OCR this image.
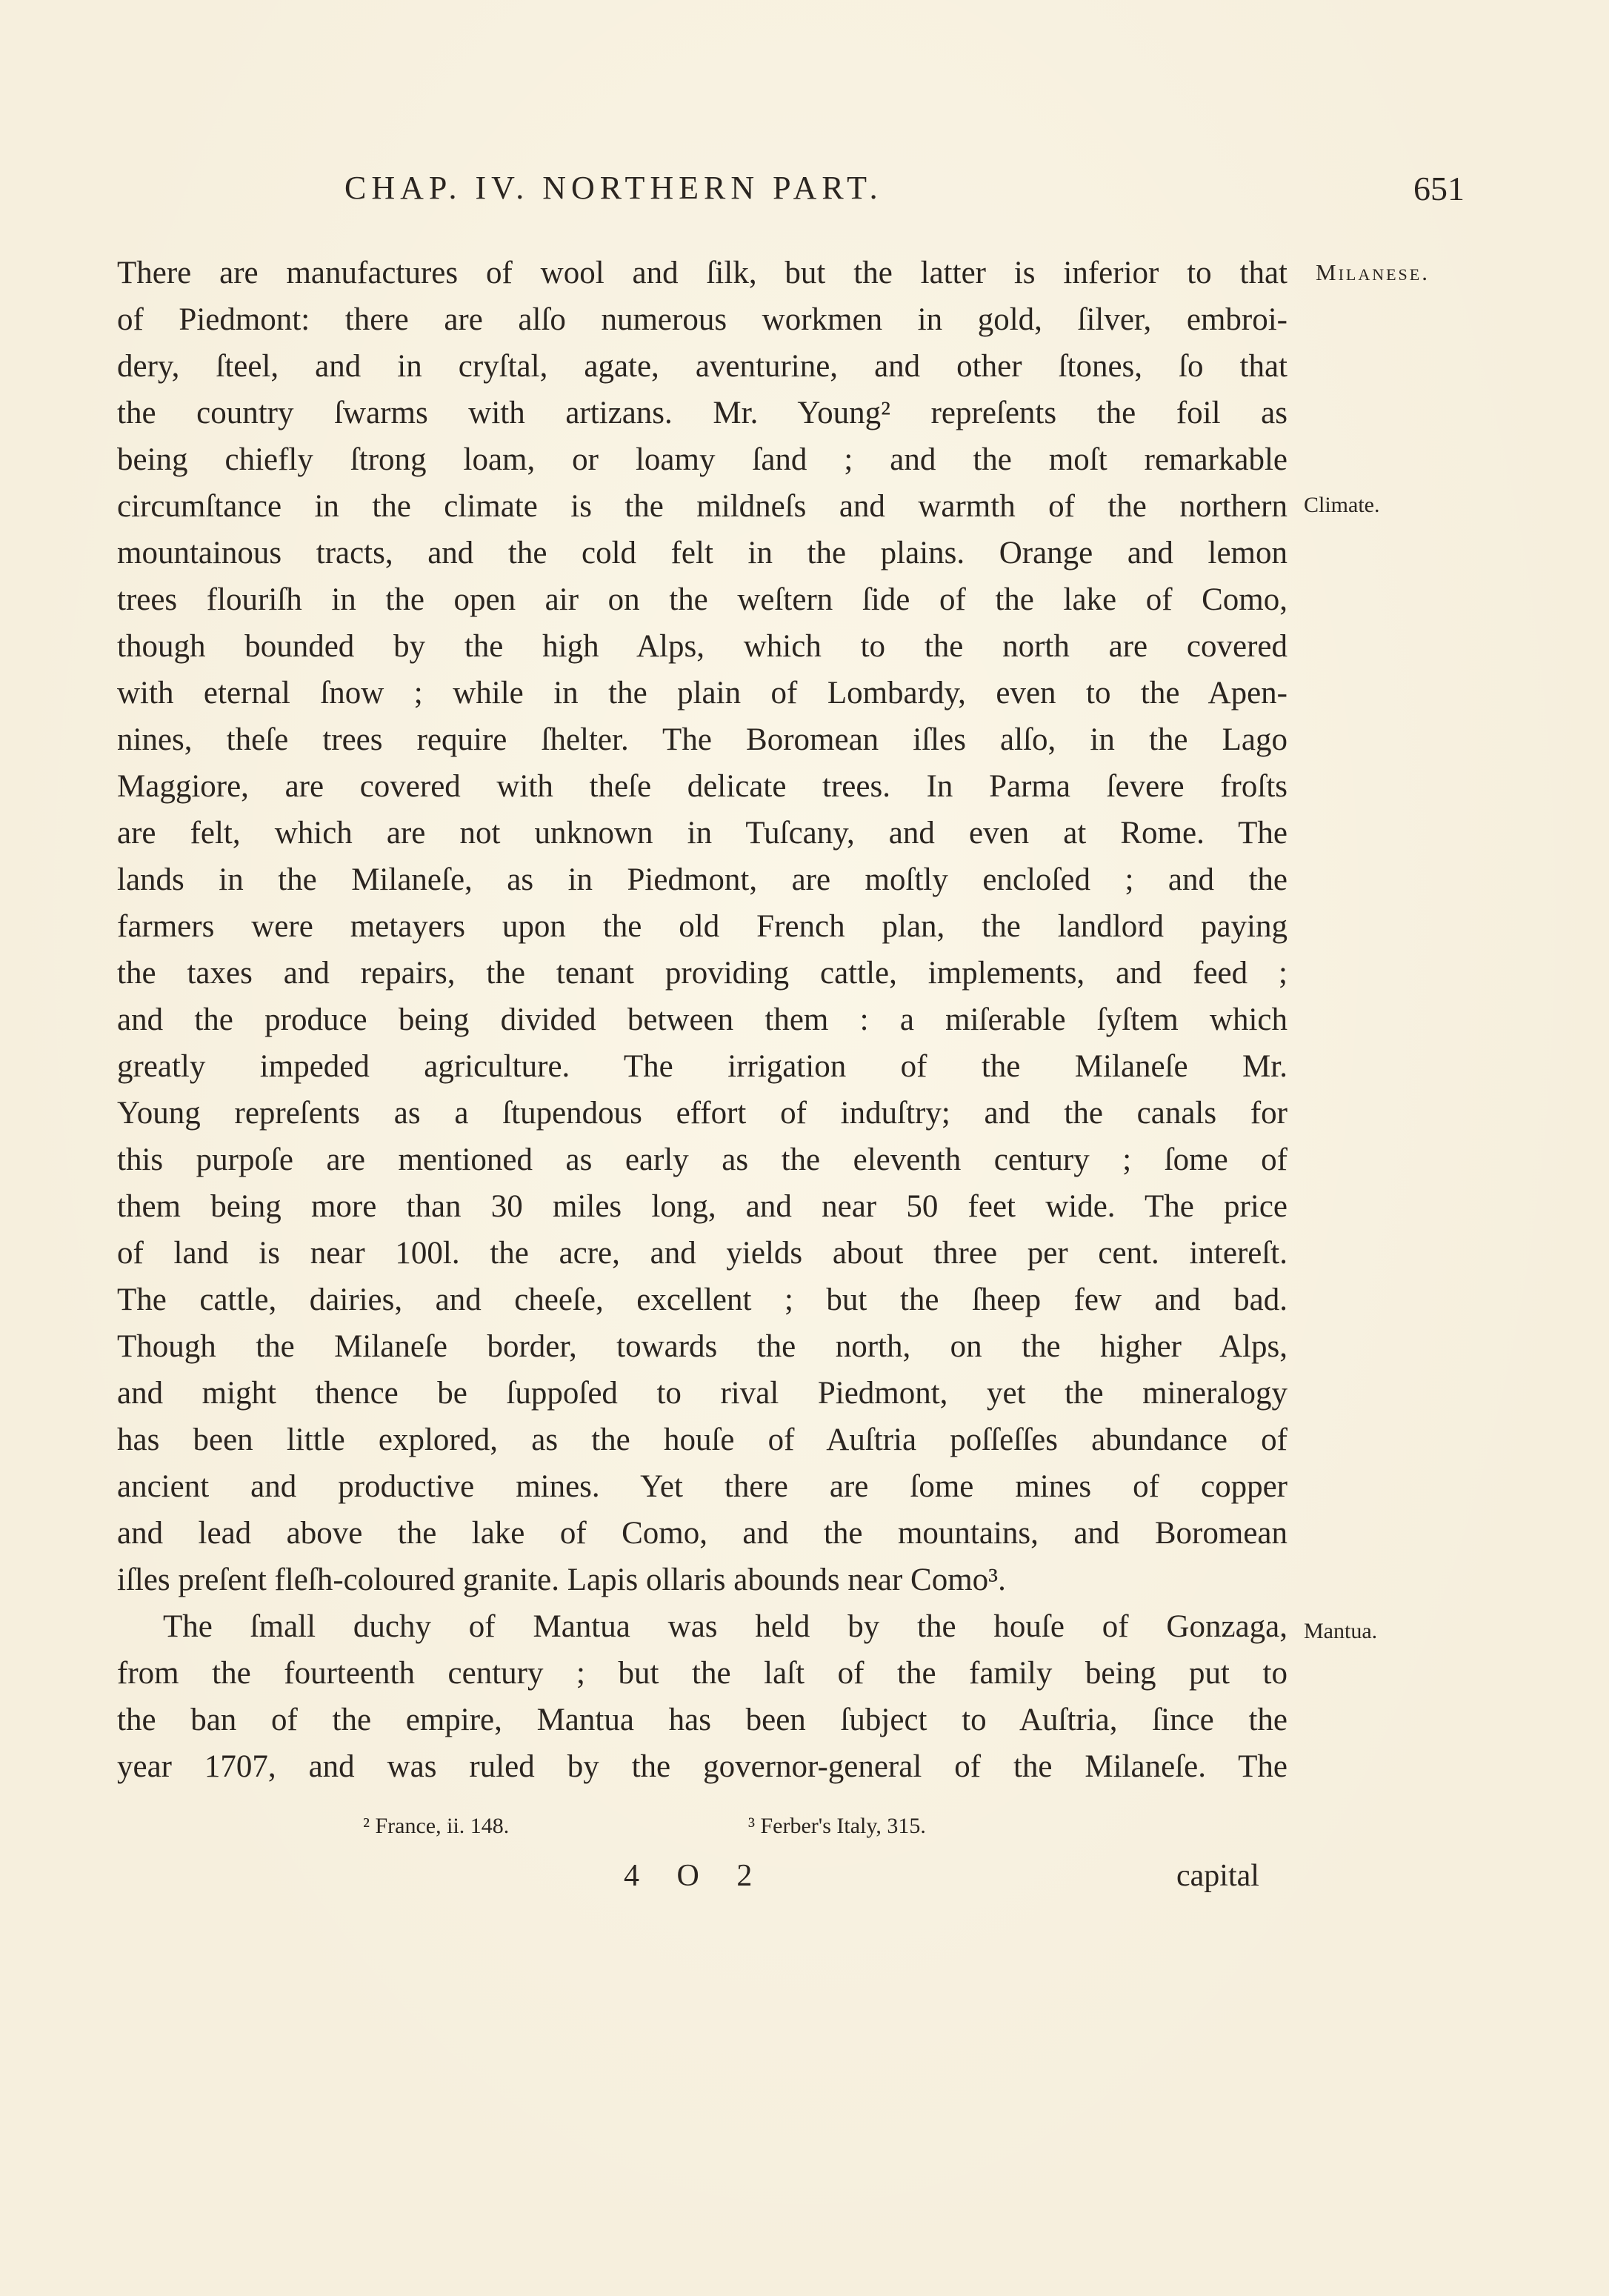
CHAP. IV. NORTHERN PART.	651
Milanese.
Climate.
Mantua.
There are manufactures of wool and ſilk, but the latter is inferior to that
of Piedmont: there are alſo numerous workmen in gold, ſilver, embroi-
dery, ſteel, and in cryſtal, agate, aventurine, and other ſtones, ſo that
the country ſwarms with artizans. Mr. Young² repreſents the foil as
being chiefly ſtrong loam, or loamy ſand ; and the moſt remarkable
circumſtance in the climate is the mildneſs and warmth of the northern
mountainous tracts, and the cold felt in the plains. Orange and lemon
trees flouriſh in the open air on the weſtern ſide of the lake of Como,
though bounded by the high Alps, which to the north are covered
with eternal ſnow ; while in the plain of Lombardy, even to the Apen-
nines, theſe trees require ſhelter. The Boromean iſles alſo, in the Lago
Maggiore, are covered with theſe delicate trees. In Parma ſevere froſts
are felt, which are not unknown in Tuſcany, and even at Rome. The
lands in the Milaneſe, as in Piedmont, are moſtly encloſed ; and the
farmers were metayers upon the old French plan, the landlord paying
the taxes and repairs, the tenant providing cattle, implements, and feed ;
and the produce being divided between them : a miſerable ſyſtem which
greatly impeded agriculture. The irrigation of the Milaneſe Mr.
Young repreſents as a ſtupendous effort of induſtry; and the canals for
this purpoſe are mentioned as early as the eleventh century ; ſome of
them being more than 30 miles long, and near 50 feet wide. The price
of land is near 100l. the acre, and yields about three per cent. intereſt.
The cattle, dairies, and cheeſe, excellent ; but the ſheep few and bad.
Though the Milaneſe border, towards the north, on the higher Alps,
and might thence be ſuppoſed to rival Piedmont, yet the mineralogy
has been little explored, as the houſe of Auſtria poſſeſſes abundance of
ancient and productive mines. Yet there are ſome mines of copper
and lead above the lake of Como, and the mountains, and Boromean
iſles preſent fleſh-coloured granite. Lapis ollaris abounds near Como³.
The ſmall duchy of Mantua was held by the houſe of Gonzaga,
from the fourteenth century ; but the laſt of the family being put to
the ban of the empire, Mantua has been ſubject to Auſtria, ſince the
year 1707, and was ruled by the governor-general of the Milaneſe. The
² France, ii. 148.	³ Ferber's Italy, 315.
4 O 2	capital
